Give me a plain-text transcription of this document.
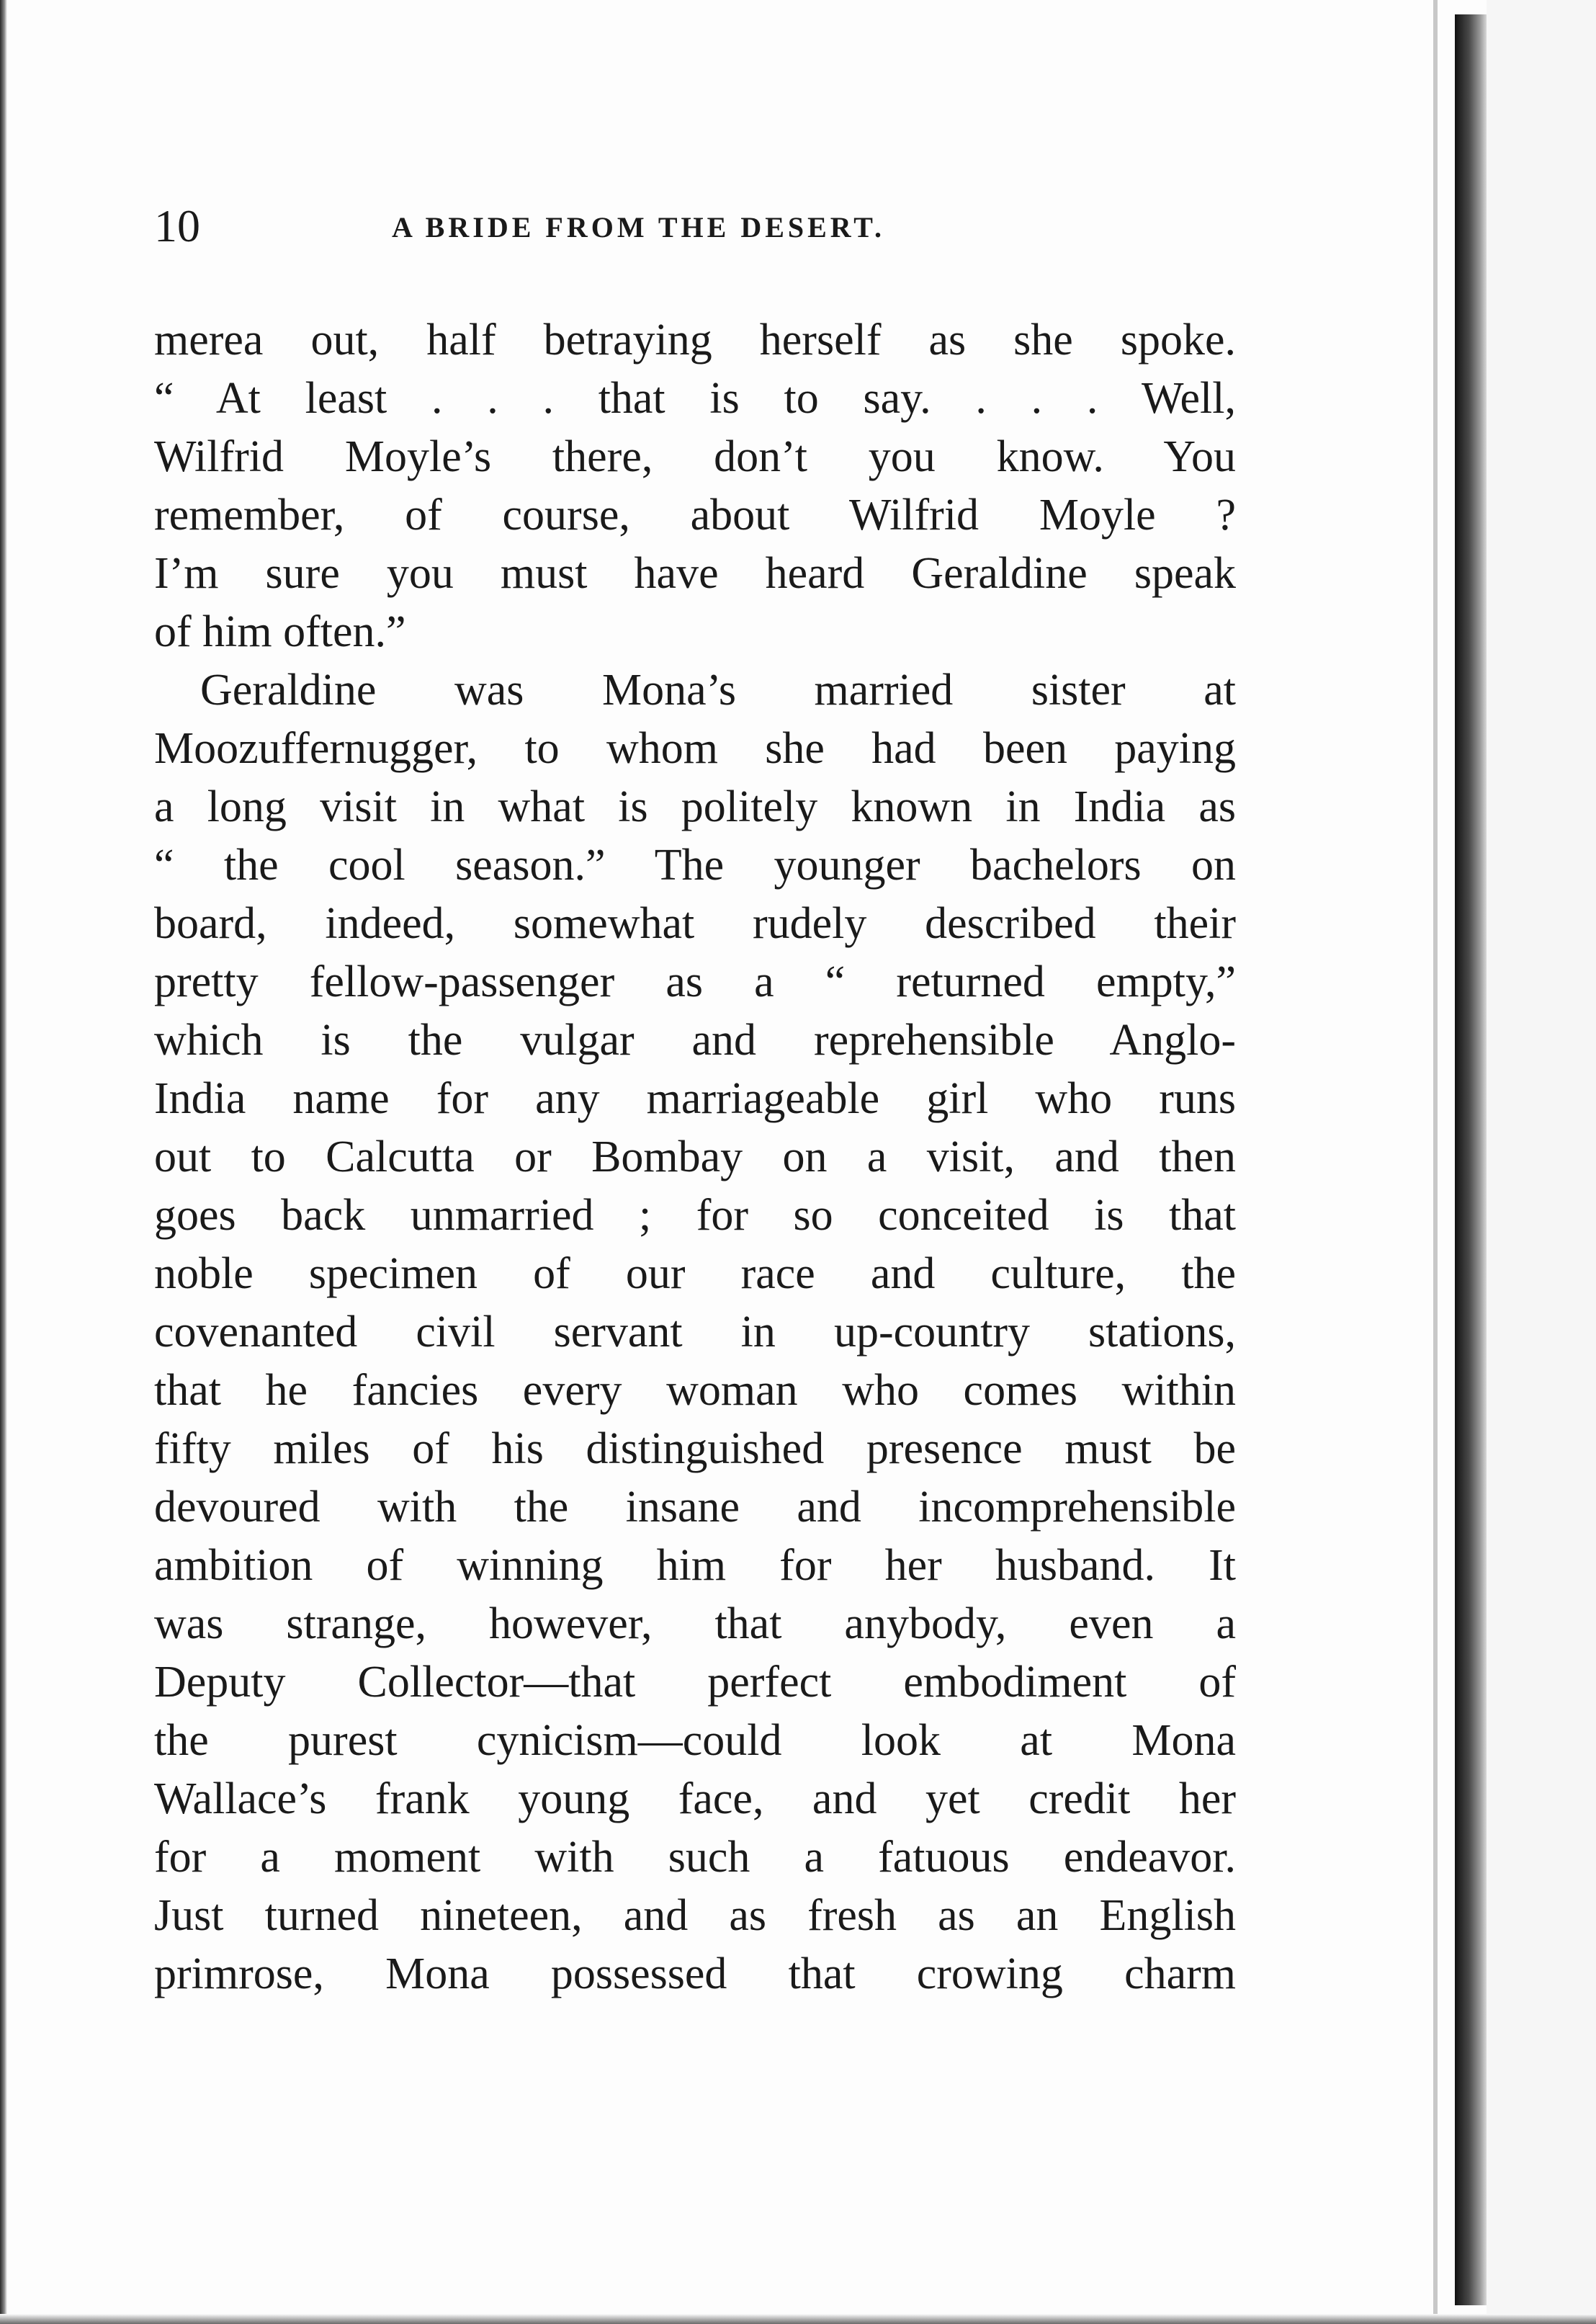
10	A BRIDE FROM THE DESERT.
merea out, half betraying herself as she spoke.
“ At least . . . that is to say. . . . Well,
Wilfrid Moyle’s there, don’t you know. You
remember, of course, about Wilfrid Moyle ?
I’m sure you must have heard Geraldine speak
of him often.”
Geraldine was Mona’s married sister at
Moozuffernugger, to whom she had been paying
a long visit in what is politely known in India as
“ the cool season.” The younger bachelors on
board, indeed, somewhat rudely described their
pretty fellow-passenger as a “ returned empty,”
which is the vulgar and reprehensible Anglo-
India name for any marriageable girl who runs
out to Calcutta or Bombay on a visit, and then
goes back unmarried ; for so conceited is that
noble specimen of our race and culture, the
covenanted civil servant in up-country stations,
that he fancies every woman who comes within
fifty miles of his distinguished presence must be
devoured with the insane and incomprehensible
ambition of winning him for her husband. It
was strange, however, that anybody, even a
Deputy Collector—that perfect embodiment of
the purest cynicism—could look at Mona
Wallace’s frank young face, and yet credit her
for a moment with such a fatuous endeavor.
Just turned nineteen, and as fresh as an English
primrose, Mona possessed that crowing charm
